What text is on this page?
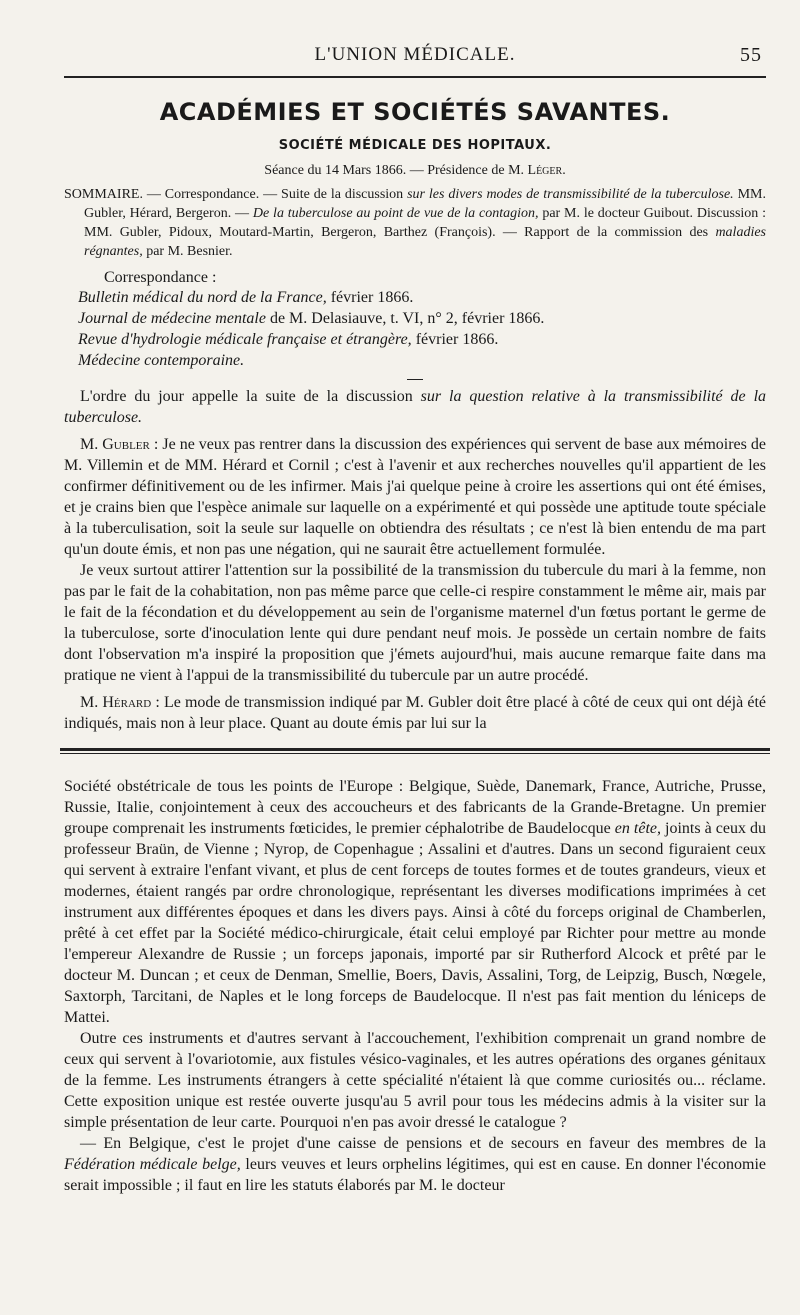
L'UNION MÉDICALE.	55
ACADÉMIES ET SOCIÉTÉS SAVANTES.
SOCIÉTÉ MÉDICALE DES HOPITAUX.
Séance du 14 Mars 1866. — Présidence de M. Léger.
SOMMAIRE. — Correspondance. — Suite de la discussion sur les divers modes de transmissibilité de la tuberculose. MM. Gubler, Hérard, Bergeron. — De la tuberculose au point de vue de la contagion, par M. le docteur Guibout. Discussion : MM. Gubler, Pidoux, Moutard-Martin, Bergeron, Barthez (François). — Rapport de la commission des maladies régnantes, par M. Besnier.
Correspondance :
Bulletin médical du nord de la France, février 1866.
Journal de médecine mentale de M. Delasiauve, t. VI, n° 2, février 1866.
Revue d'hydrologie médicale française et étrangère, février 1866.
Médecine contemporaine.

L'ordre du jour appelle la suite de la discussion sur la question relative à la transmissibilité de la tuberculose.

M. Gubler : Je ne veux pas rentrer dans la discussion des expériences qui servent de base aux mémoires de M. Villemin et de MM. Hérard et Cornil ; c'est à l'avenir et aux recherches nouvelles qu'il appartient de les confirmer définitivement ou de les infirmer. Mais j'ai quelque peine à croire les assertions qui ont été émises, et je crains bien que l'espèce animale sur laquelle on a expérimenté et qui possède une aptitude toute spéciale à la tuberculisation, soit la seule sur laquelle on obtiendra des résultats ; ce n'est là bien entendu de ma part qu'un doute émis, et non pas une négation, qui ne saurait être actuellement formulée.

Je veux surtout attirer l'attention sur la possibilité de la transmission du tubercule du mari à la femme, non pas par le fait de la cohabitation, non pas même parce que celle-ci respire constamment le même air, mais par le fait de la fécondation et du développement au sein de l'organisme maternel d'un fœtus portant le germe de la tuberculose, sorte d'inoculation lente qui dure pendant neuf mois. Je possède un certain nombre de faits dont l'observation m'a inspiré la proposition que j'émets aujourd'hui, mais aucune remarque faite dans ma pratique ne vient à l'appui de la transmissibilité du tubercule par un autre procédé.

M. Hérard : Le mode de transmission indiqué par M. Gubler doit être placé à côté de ceux qui ont déjà été indiqués, mais non à leur place. Quant au doute émis par lui sur la

Société obstétricale de tous les points de l'Europe : Belgique, Suède, Danemark, France, Autriche, Prusse, Russie, Italie, conjointement à ceux des accoucheurs et des fabricants de la Grande-Bretagne. Un premier groupe comprenait les instruments fœticides, le premier céphalotribe de Baudelocque en tête, joints à ceux du professeur Braün, de Vienne ; Nyrop, de Copenhague ; Assalini et d'autres. Dans un second figuraient ceux qui servent à extraire l'enfant vivant, et plus de cent forceps de toutes formes et de toutes grandeurs, vieux et modernes, étaient rangés par ordre chronologique, représentant les diverses modifications imprimées à cet instrument aux différentes époques et dans les divers pays. Ainsi à côté du forceps original de Chamberlen, prêté à cet effet par la Société médico-chirurgicale, était celui employé par Richter pour mettre au monde l'empereur Alexandre de Russie ; un forceps japonais, importé par sir Rutherford Alcock et prêté par le docteur M. Duncan ; et ceux de Denman, Smellie, Boers, Davis, Assalini, Torg, de Leipzig, Busch, Nœgele, Saxtorph, Tarcitani, de Naples et le long forceps de Baudelocque. Il n'est pas fait mention du léniceps de Mattei.

Outre ces instruments et d'autres servant à l'accouchement, l'exhibition comprenait un grand nombre de ceux qui servent à l'ovariotomie, aux fistules vésico-vaginales, et les autres opérations des organes génitaux de la femme. Les instruments étrangers à cette spécialité n'étaient là que comme curiosités ou... réclame. Cette exposition unique est restée ouverte jusqu'au 5 avril pour tous les médecins admis à la visiter sur la simple présentation de leur carte. Pourquoi n'en pas avoir dressé le catalogue ?

— En Belgique, c'est le projet d'une caisse de pensions et de secours en faveur des membres de la Fédération médicale belge, leurs veuves et leurs orphelins légitimes, qui est en cause. En donner l'économie serait impossible ; il faut en lire les statuts élaborés par M. le docteur
